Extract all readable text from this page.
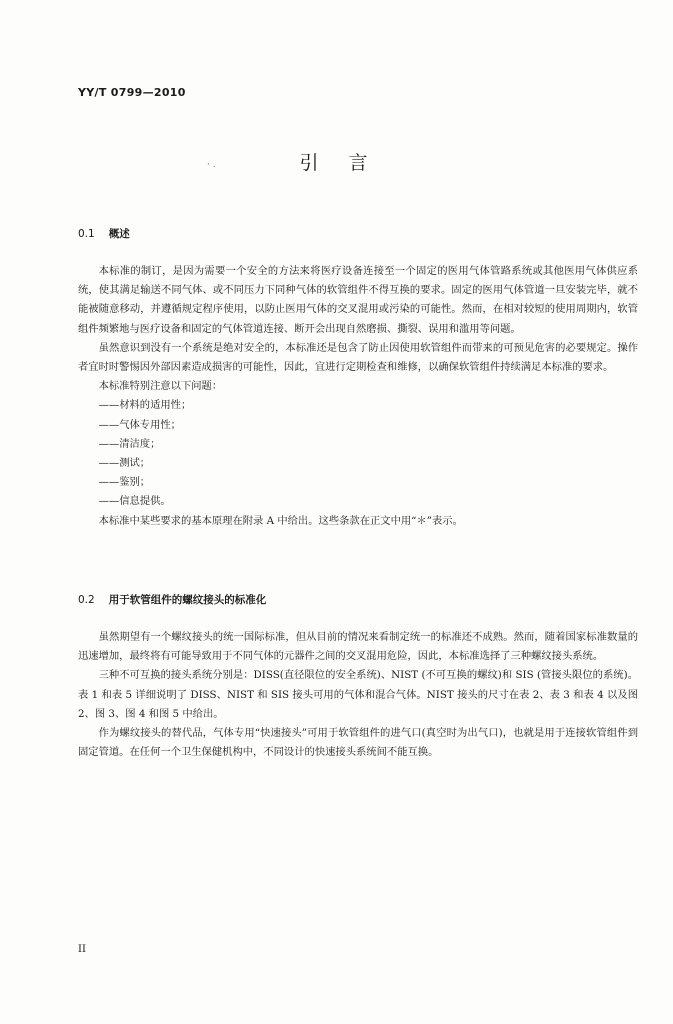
YY/T 0799—2010
· .	引言
0.1 概述

本标准的制订，是因为需要一个安全的方法来将医疗设备连接至一个固定的医用气体管路系统或其他医用气体供应系统，使其满足输送不同气体、或不同压力下同种气体的软管组件不得互换的要求。固定的医用气体管道一旦安装完毕，就不能被随意移动，并遵循规定程序使用，以防止医用气体的交叉混用或污染的可能性。然而，在相对较短的使用周期内，软管组件频繁地与医疗设备和固定的气体管道连接、断开会出现自然磨损、撕裂、误用和滥用等问题。

虽然意识到没有一个系统是绝对安全的，本标准还是包含了防止因使用软管组件而带来的可预见危害的必要规定。操作者宜时时警惕因外部因素造成损害的可能性，因此，宜进行定期检查和维修，以确保软管组件持续满足本标准的要求。

本标准特别注意以下问题：

——材料的适用性；
——气体专用性；
——清洁度；
——测试；
——鉴别；
——信息提供。

本标准中某些要求的基本原理在附录 A 中给出。这些条款在正文中用“＊”表示。

0.2 用于软管组件的螺纹接头的标准化

虽然期望有一个螺纹接头的统一国际标准，但从目前的情况来看制定统一的标准还不成熟。然而，随着国家标准数量的迅速增加，最终将有可能导致用于不同气体的元器件之间的交叉混用危险，因此，本标准选择了三种螺纹接头系统。

三种不可互换的接头系统分别是：DISS(直径限位的安全系统)、NIST (不可互换的螺纹)和 SIS (管接头限位的系统)。表 1 和表 5 详细说明了 DISS、NIST 和 SIS 接头可用的气体和混合气体。NIST 接头的尺寸在表 2、表 3 和表 4 以及图 2、图 3、图 4 和图 5 中给出。

作为螺纹接头的替代品，气体专用“快速接头”可用于软管组件的进气口(真空时为出气口)，也就是用于连接软管组件到固定管道。在任何一个卫生保健机构中，不同设计的快速接头系统间不能互换。

II
